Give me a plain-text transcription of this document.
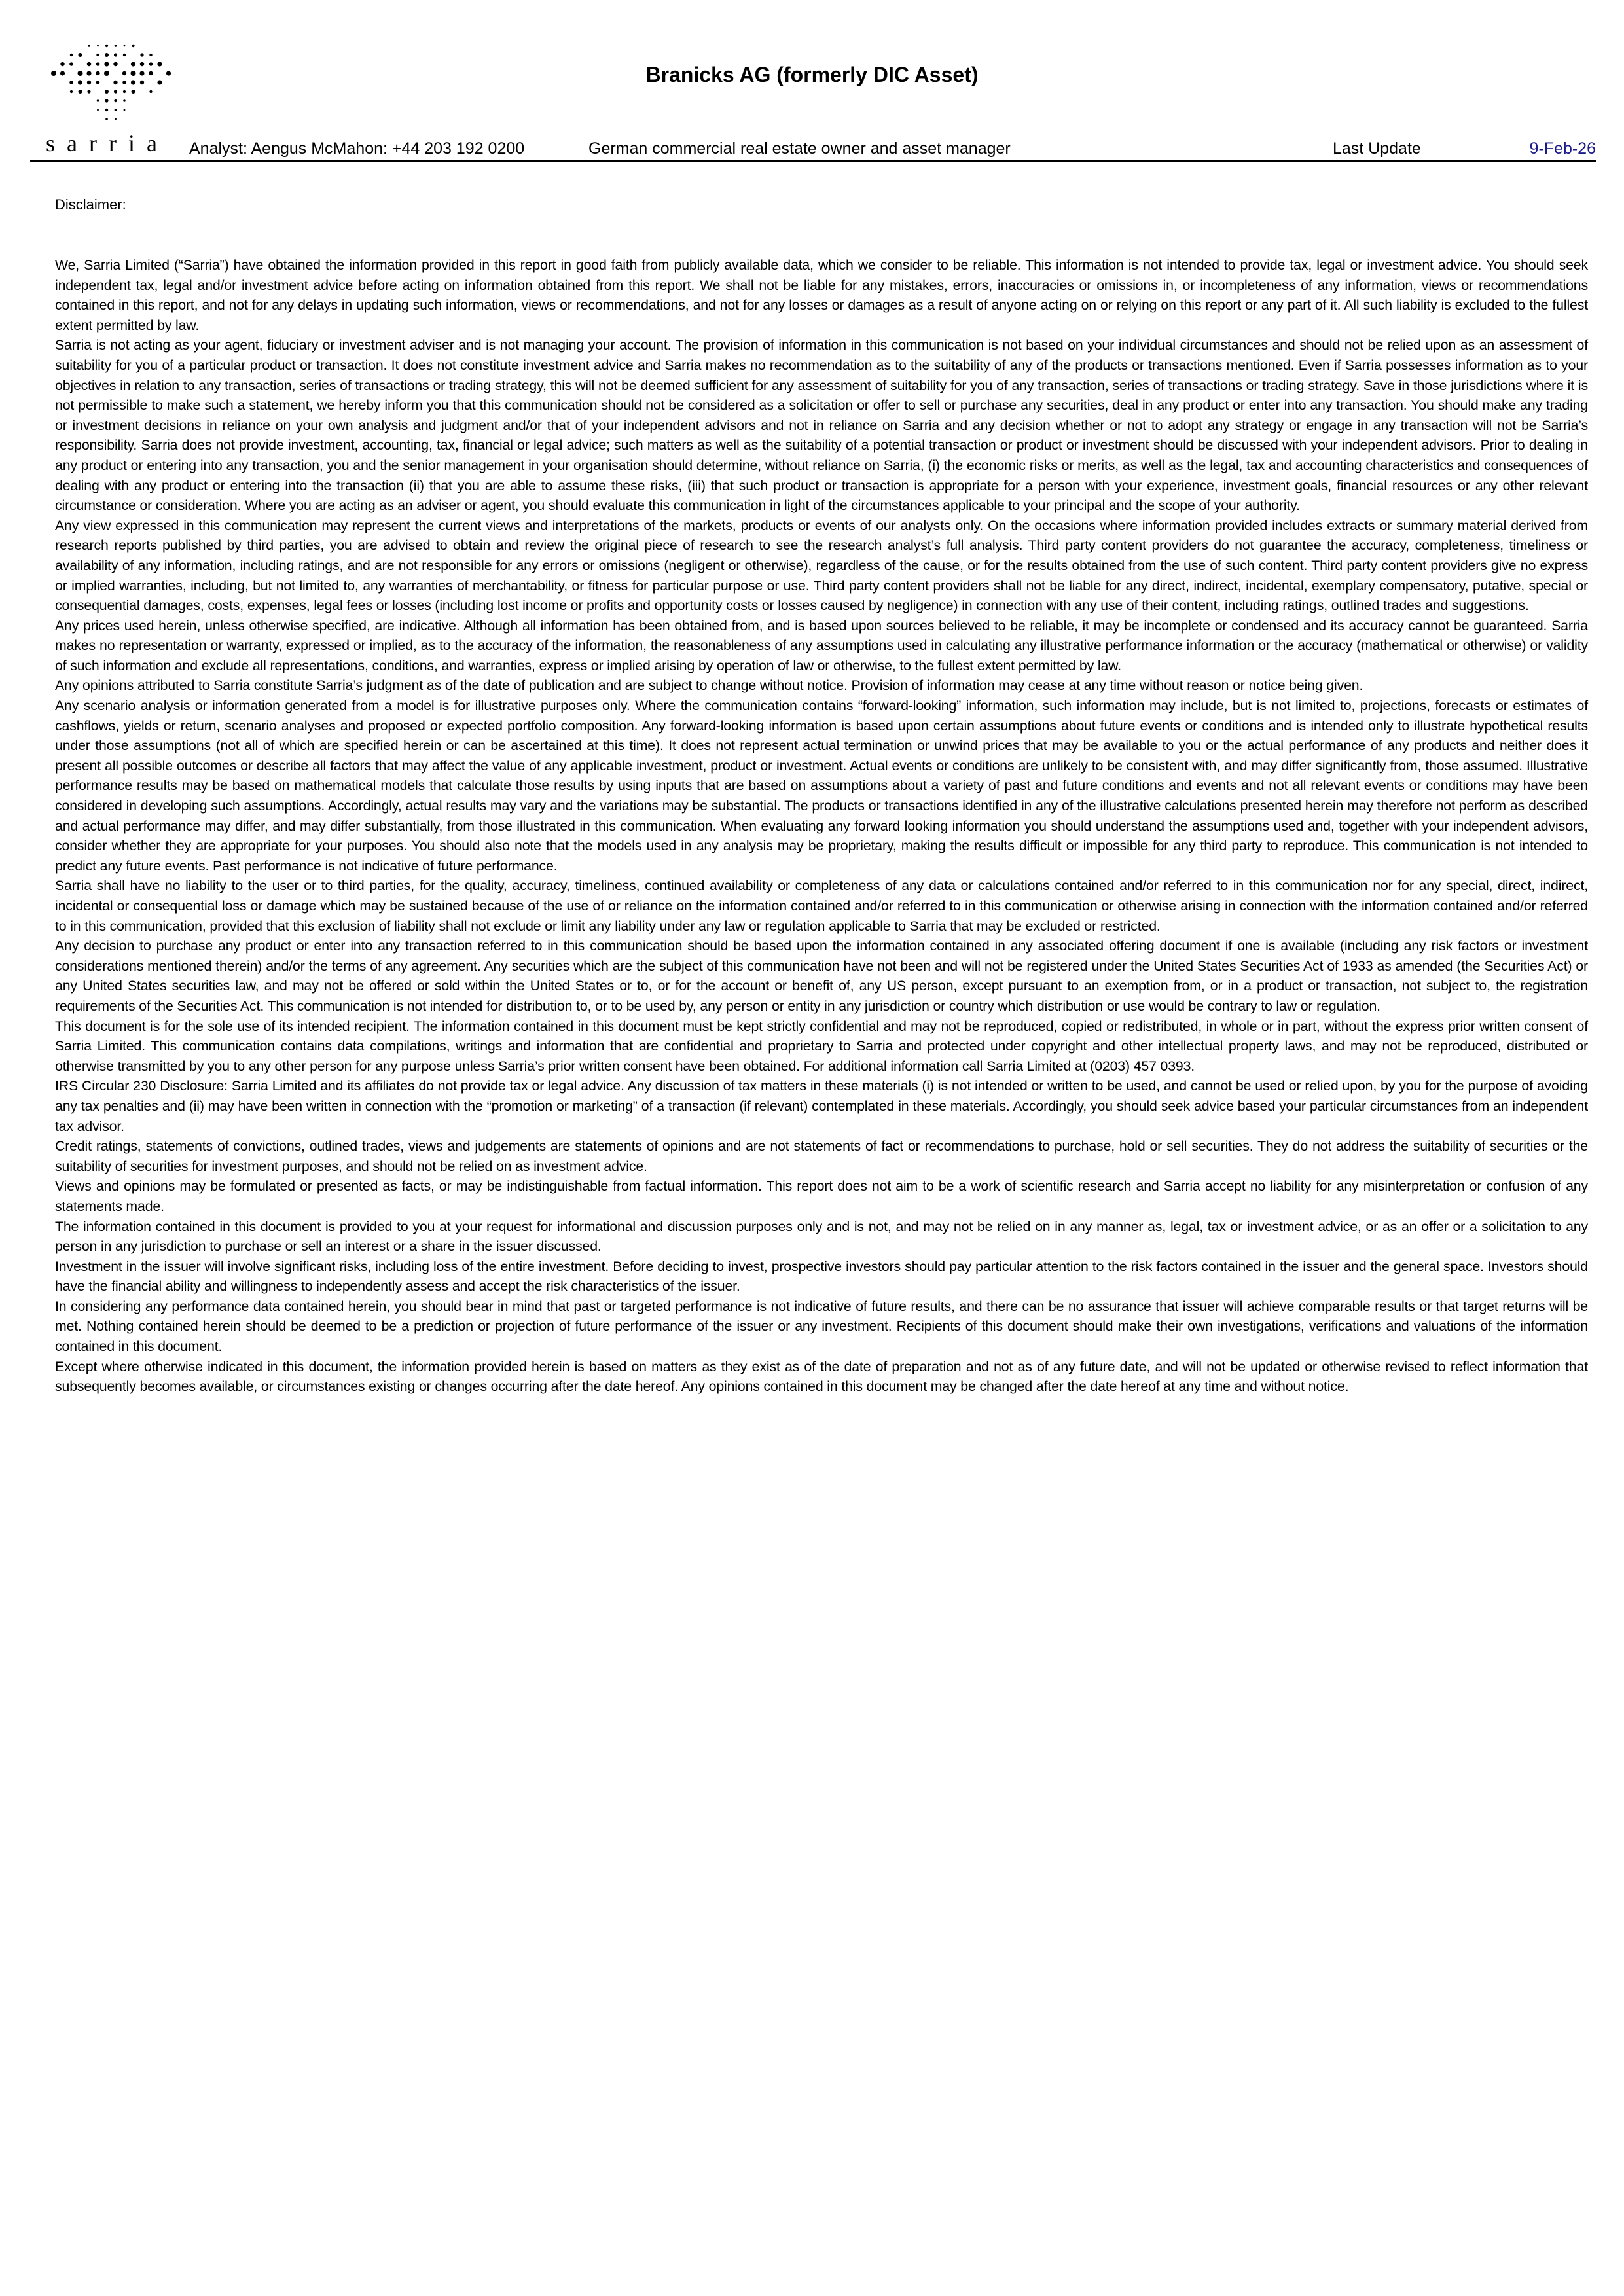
sarria
Branicks AG (formerly DIC Asset)
Analyst: Aengus McMahon: +44 203 192 0200	German commercial real estate owner and asset manager	Last Update	9-Feb-26
Disclaimer:

We, Sarria Limited (“Sarria”) have obtained the information provided in this report in good faith from publicly available data, which we consider to be reliable. This information is not intended to provide tax, legal or investment advice. You should seek independent tax, legal and/or investment advice before acting on information obtained from this report. We shall not be liable for any mistakes, errors, inaccuracies or omissions in, or incompleteness of any information, views or recommendations contained in this report, and not for any delays in updating such information, views or recommendations, and not for any losses or damages as a result of anyone acting on or relying on this report or any part of it. All such liability is excluded to the fullest extent permitted by law.

Sarria is not acting as your agent, fiduciary or investment adviser and is not managing your account. The provision of information in this communication is not based on your individual circumstances and should not be relied upon as an assessment of suitability for you of a particular product or transaction. It does not constitute investment advice and Sarria makes no recommendation as to the suitability of any of the products or transactions mentioned. Even if Sarria possesses information as to your objectives in relation to any transaction, series of transactions or trading strategy, this will not be deemed sufficient for any assessment of suitability for you of any transaction, series of transactions or trading strategy. Save in those jurisdictions where it is not permissible to make such a statement, we hereby inform you that this communication should not be considered as a solicitation or offer to sell or purchase any securities, deal in any product or enter into any transaction. You should make any trading or investment decisions in reliance on your own analysis and judgment and/or that of your independent advisors and not in reliance on Sarria and any decision whether or not to adopt any strategy or engage in any transaction will not be Sarria’s responsibility. Sarria does not provide investment, accounting, tax, financial or legal advice; such matters as well as the suitability of a potential transaction or product or investment should be discussed with your independent advisors. Prior to dealing in any product or entering into any transaction, you and the senior management in your organisation should determine, without reliance on Sarria, (i) the economic risks or merits, as well as the legal, tax and accounting characteristics and consequences of dealing with any product or entering into the transaction (ii) that you are able to assume these risks, (iii) that such product or transaction is appropriate for a person with your experience, investment goals, financial resources or any other relevant circumstance or consideration. Where you are acting as an adviser or agent, you should evaluate this communication in light of the circumstances applicable to your principal and the scope of your authority.

Any view expressed in this communication may represent the current views and interpretations of the markets, products or events of our analysts only. On the occasions where information provided includes extracts or summary material derived from research reports published by third parties, you are advised to obtain and review the original piece of research to see the research analyst’s full analysis. Third party content providers do not guarantee the accuracy, completeness, timeliness or availability of any information, including ratings, and are not responsible for any errors or omissions (negligent or otherwise), regardless of the cause, or for the results obtained from the use of such content. Third party content providers give no express or implied warranties, including, but not limited to, any warranties of merchantability, or fitness for particular purpose or use. Third party content providers shall not be liable for any direct, indirect, incidental, exemplary compensatory, putative, special or consequential damages, costs, expenses, legal fees or losses (including lost income or profits and opportunity costs or losses caused by negligence) in connection with any use of their content, including ratings, outlined trades and suggestions.

Any prices used herein, unless otherwise specified, are indicative. Although all information has been obtained from, and is based upon sources believed to be reliable, it may be incomplete or condensed and its accuracy cannot be guaranteed. Sarria makes no representation or warranty, expressed or implied, as to the accuracy of the information, the reasonableness of any assumptions used in calculating any illustrative performance information or the accuracy (mathematical or otherwise) or validity of such information and exclude all representations, conditions, and warranties, express or implied arising by operation of law or otherwise, to the fullest extent permitted by law.

Any opinions attributed to Sarria constitute Sarria’s judgment as of the date of publication and are subject to change without notice. Provision of information may cease at any time without reason or notice being given.

Any scenario analysis or information generated from a model is for illustrative purposes only. Where the communication contains “forward-looking” information, such information may include, but is not limited to, projections, forecasts or estimates of cashflows, yields or return, scenario analyses and proposed or expected portfolio composition. Any forward-looking information is based upon certain assumptions about future events or conditions and is intended only to illustrate hypothetical results under those assumptions (not all of which are specified herein or can be ascertained at this time). It does not represent actual termination or unwind prices that may be available to you or the actual performance of any products and neither does it present all possible outcomes or describe all factors that may affect the value of any applicable investment, product or investment. Actual events or conditions are unlikely to be consistent with, and may differ significantly from, those assumed. Illustrative performance results may be based on mathematical models that calculate those results by using inputs that are based on assumptions about a variety of past and future conditions and events and not all relevant events or conditions may have been considered in developing such assumptions. Accordingly, actual results may vary and the variations may be substantial. The products or transactions identified in any of the illustrative calculations presented herein may therefore not perform as described and actual performance may differ, and may differ substantially, from those illustrated in this communication. When evaluating any forward looking information you should understand the assumptions used and, together with your independent advisors, consider whether they are appropriate for your purposes. You should also note that the models used in any analysis may be proprietary, making the results difficult or impossible for any third party to reproduce. This communication is not intended to predict any future events. Past performance is not indicative of future performance.

Sarria shall have no liability to the user or to third parties, for the quality, accuracy, timeliness, continued availability or completeness of any data or calculations contained and/or referred to in this communication nor for any special, direct, indirect, incidental or consequential loss or damage which may be sustained because of the use of or reliance on the information contained and/or referred to in this communication or otherwise arising in connection with the information contained and/or referred to in this communication, provided that this exclusion of liability shall not exclude or limit any liability under any law or regulation applicable to Sarria that may be excluded or restricted.

Any decision to purchase any product or enter into any transaction referred to in this communication should be based upon the information contained in any associated offering document if one is available (including any risk factors or investment considerations mentioned therein) and/or the terms of any agreement. Any securities which are the subject of this communication have not been and will not be registered under the United States Securities Act of 1933 as amended (the Securities Act) or any United States securities law, and may not be offered or sold within the United States or to, or for the account or benefit of, any US person, except pursuant to an exemption from, or in a product or transaction, not subject to, the registration requirements of the Securities Act. This communication is not intended for distribution to, or to be used by, any person or entity in any jurisdiction or country which distribution or use would be contrary to law or regulation.

This document is for the sole use of its intended recipient. The information contained in this document must be kept strictly confidential and may not be reproduced, copied or redistributed, in whole or in part, without the express prior written consent of Sarria Limited. This communication contains data compilations, writings and information that are confidential and proprietary to Sarria and protected under copyright and other intellectual property laws, and may not be reproduced, distributed or otherwise transmitted by you to any other person for any purpose unless Sarria’s prior written consent have been obtained. For additional information call Sarria Limited at (0203) 457 0393.

IRS Circular 230 Disclosure: Sarria Limited and its affiliates do not provide tax or legal advice. Any discussion of tax matters in these materials (i) is not intended or written to be used, and cannot be used or relied upon, by you for the purpose of avoiding any tax penalties and (ii) may have been written in connection with the “promotion or marketing” of a transaction (if relevant) contemplated in these materials. Accordingly, you should seek advice based your particular circumstances from an independent tax advisor.

Credit ratings, statements of convictions, outlined trades, views and judgements are statements of opinions and are not statements of fact or recommendations to purchase, hold or sell securities. They do not address the suitability of securities or the suitability of securities for investment purposes, and should not be relied on as investment advice.

Views and opinions may be formulated or presented as facts, or may be indistinguishable from factual information. This report does not aim to be a work of scientific research and Sarria accept no liability for any misinterpretation or confusion of any statements made.

The information contained in this document is provided to you at your request for informational and discussion purposes only and is not, and may not be relied on in any manner as, legal, tax or investment advice, or as an offer or a solicitation to any person in any jurisdiction to purchase or sell an interest or a share in the issuer discussed.

Investment in the issuer will involve significant risks, including loss of the entire investment. Before deciding to invest, prospective investors should pay particular attention to the risk factors contained in the issuer and the general space. Investors should have the financial ability and willingness to independently assess and accept the risk characteristics of the issuer.

In considering any performance data contained herein, you should bear in mind that past or targeted performance is not indicative of future results, and there can be no assurance that issuer will achieve comparable results or that target returns will be met. Nothing contained herein should be deemed to be a prediction or projection of future performance of the issuer or any investment. Recipients of this document should make their own investigations, verifications and valuations of the information contained in this document.

Except where otherwise indicated in this document, the information provided herein is based on matters as they exist as of the date of preparation and not as of any future date, and will not be updated or otherwise revised to reflect information that subsequently becomes available, or circumstances existing or changes occurring after the date hereof. Any opinions contained in this document may be changed after the date hereof at any time and without notice.
